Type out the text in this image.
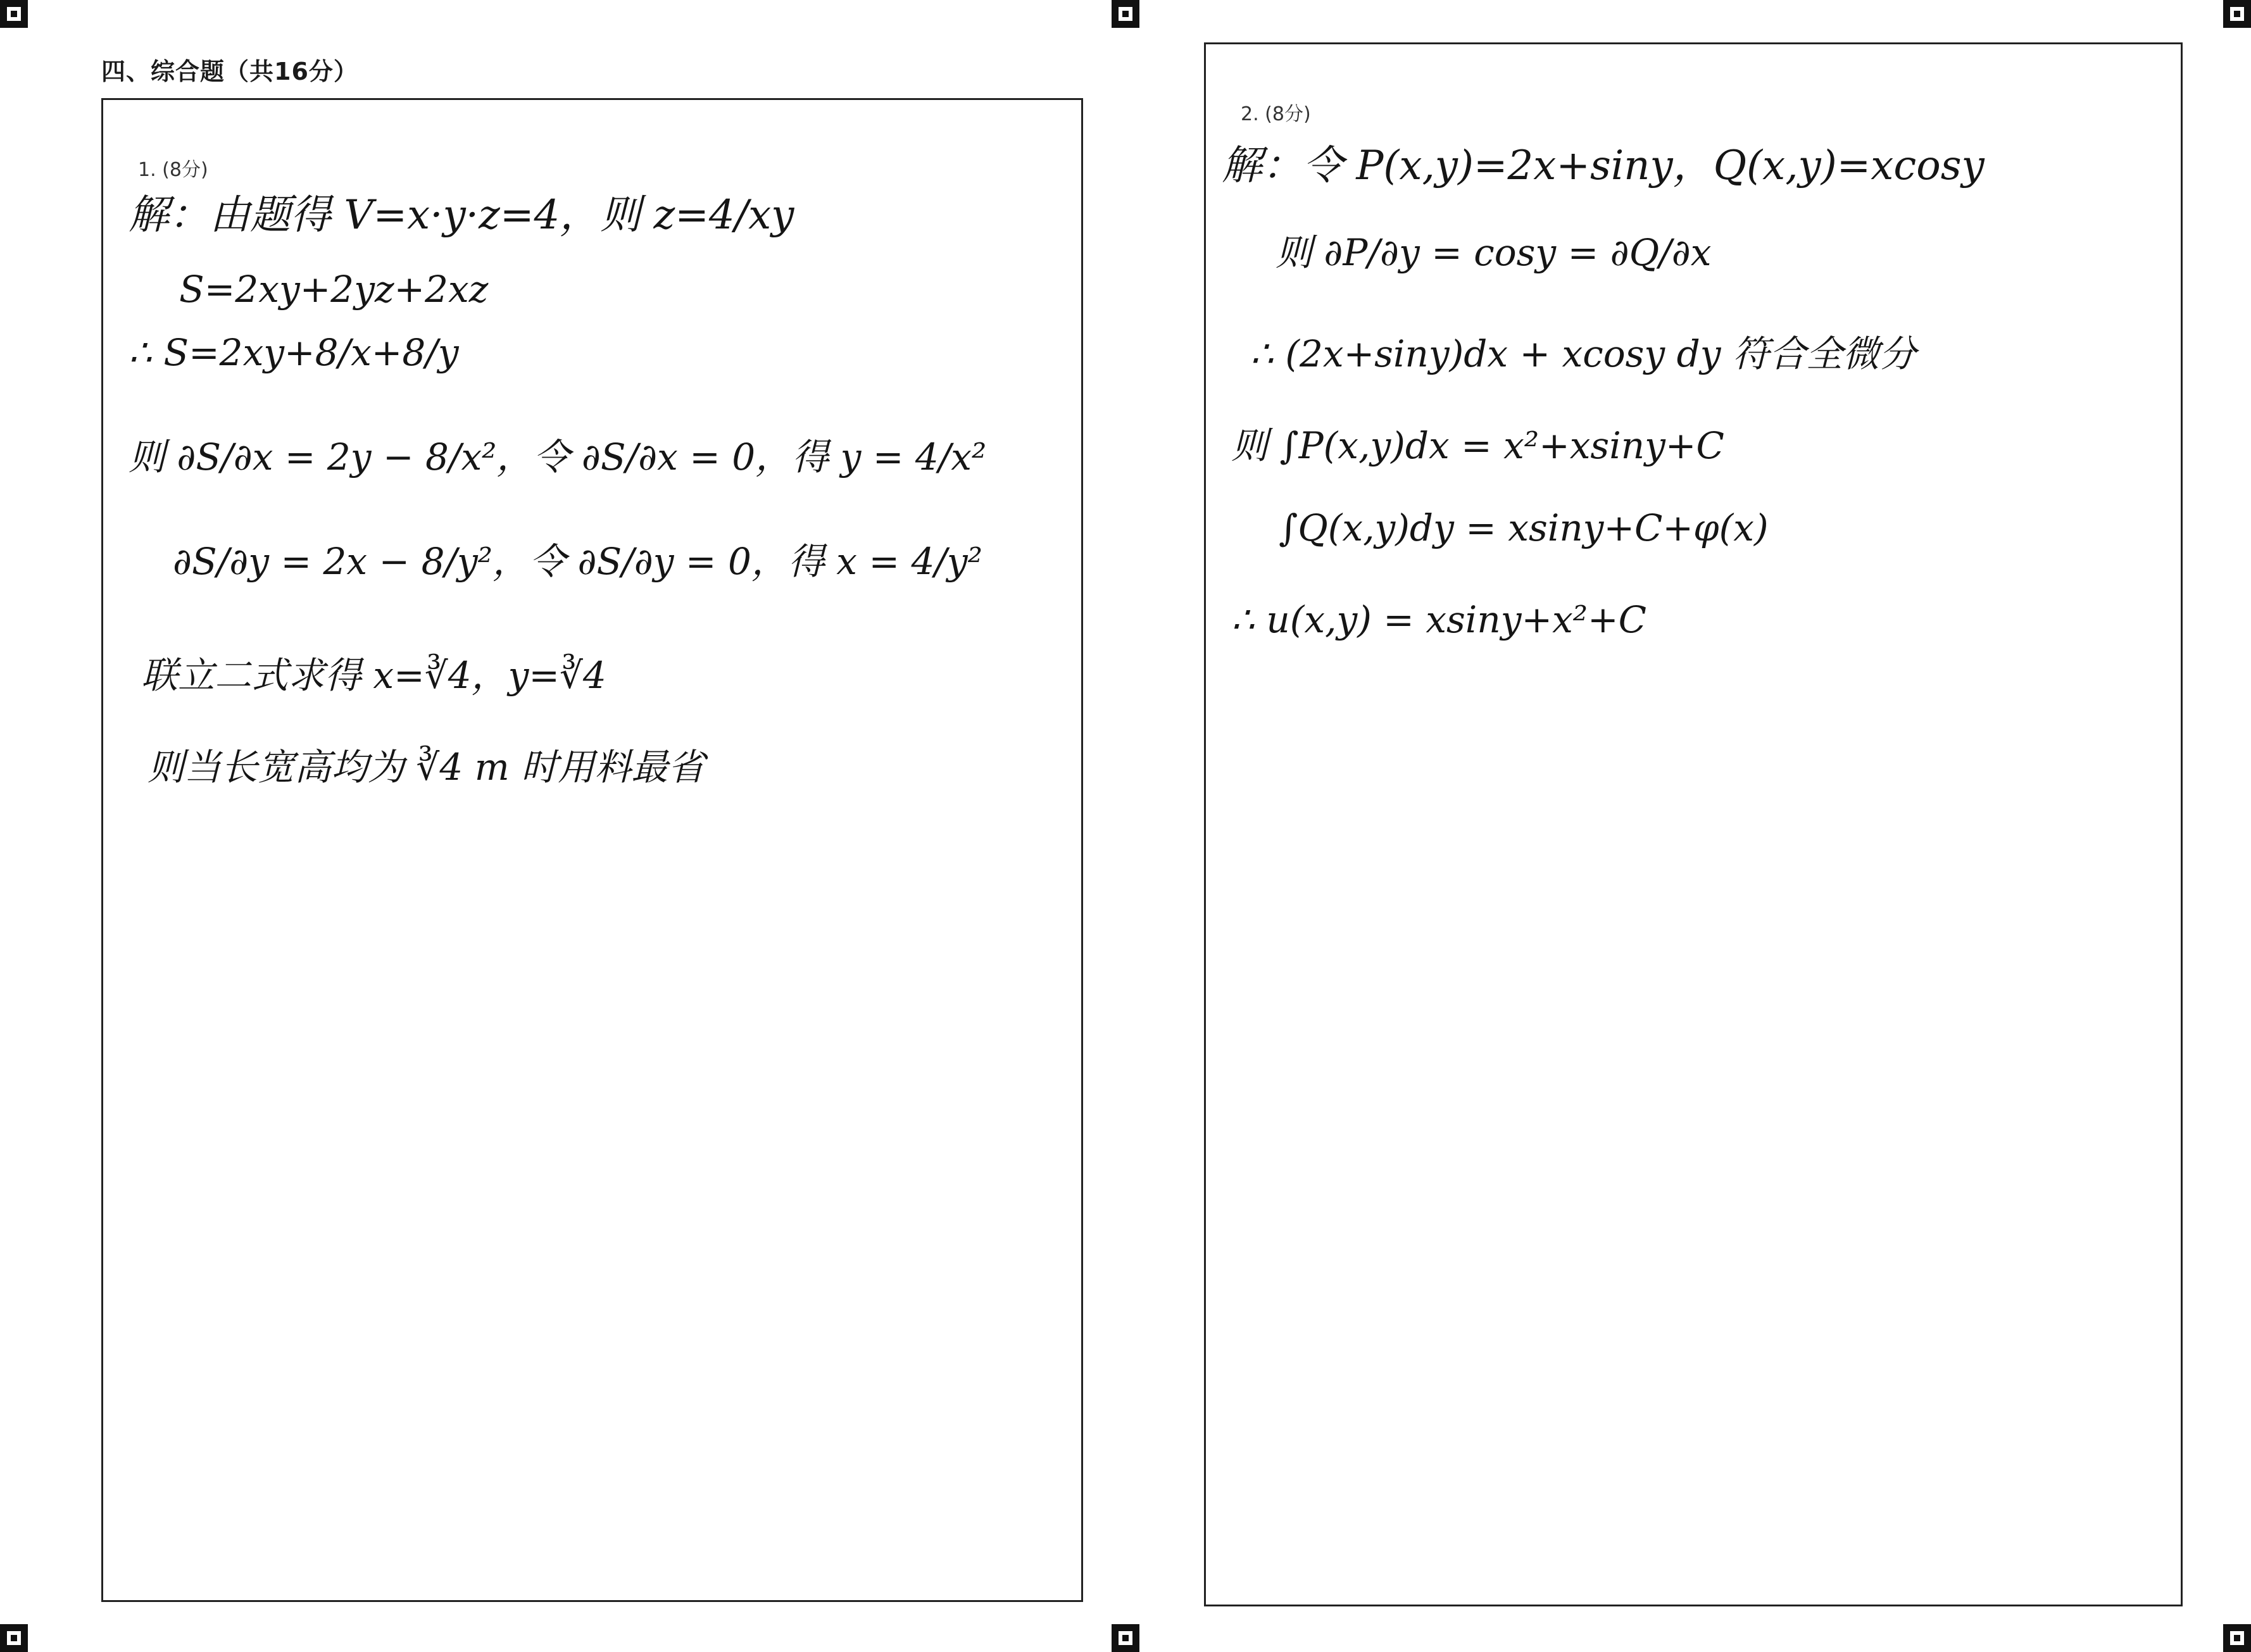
四、综合题（共16分）
1. (8分)
解：由题得 V=x·y·z=4，则 z=4/xy
S=2xy+2yz+2xz
∴ S=2xy+8/x+8/y
则 ∂S/∂x = 2y − 8/x²，令 ∂S/∂x = 0，得 y = 4/x²
∂S/∂y = 2x − 8/y²，令 ∂S/∂y = 0，得 x = 4/y²
联立二式求得 x=∛4，y=∛4
则当长宽高均为 ∛4 m 时用料最省
2. (8分)
解：令 P(x,y)=2x+siny，Q(x,y)=xcosy
则 ∂P/∂y = cosy = ∂Q/∂x
∴ (2x+siny)dx + xcosy dy 符合全微分
则 ∫P(x,y)dx = x²+xsiny+C
∫Q(x,y)dy = xsiny+C+φ(x)
∴ u(x,y) = xsiny+x²+C
